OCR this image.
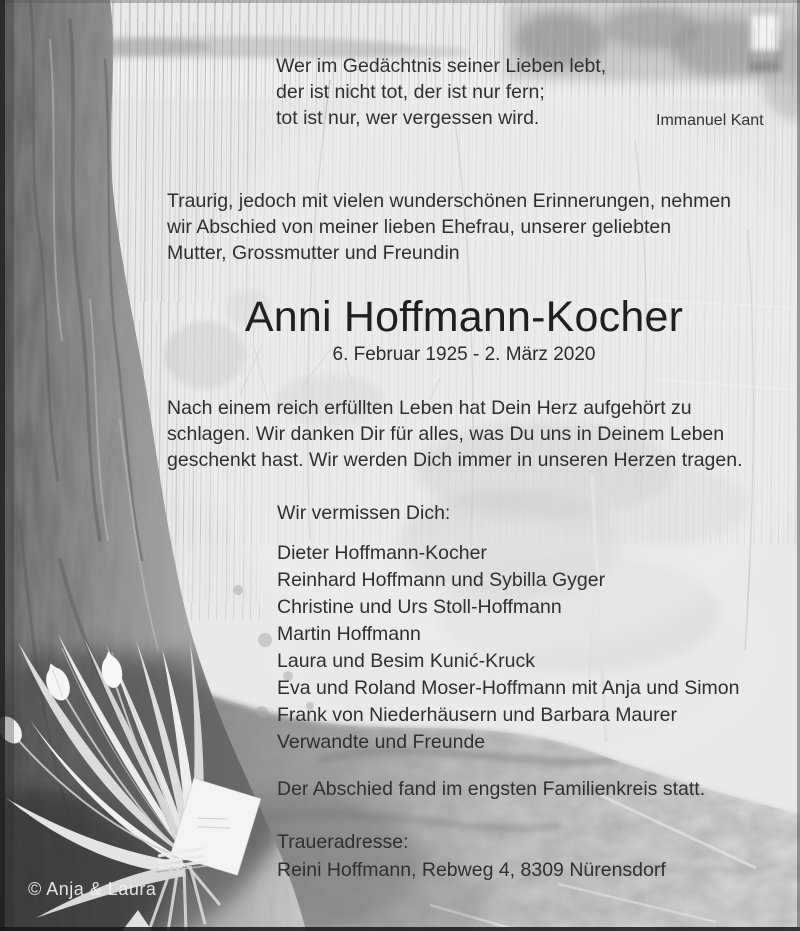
Wer im Gedächtnis seiner Lieben lebt,
der ist nicht tot, der ist nur fern;
tot ist nur, wer vergessen wird.	Immanuel Kant
Traurig, jedoch mit vielen wunderschönen Erinnerungen, nehmen
wir Abschied von meiner lieben Ehefrau, unserer geliebten
Mutter, Grossmutter und Freundin
Anni Hoffmann-Kocher
6. Februar 1925 - 2. März 2020
Nach einem reich erfüllten Leben hat Dein Herz aufgehört zu
schlagen. Wir danken Dir für alles, was Du uns in Deinem Leben
geschenkt hast. Wir werden Dich immer in unseren Herzen tragen.
Wir vermissen Dich:
Dieter Hoffmann-Kocher
Reinhard Hoffmann und Sybilla Gyger
Christine und Urs Stoll-Hoffmann
Martin Hoffmann
Laura und Besim Kunić-Kruck
Eva und Roland Moser-Hoffmann mit Anja und Simon
Frank von Niederhäusern und Barbara Maurer
Verwandte und Freunde
Der Abschied fand im engsten Familienkreis statt.
Traueradresse:
Reini Hoffmann, Rebweg 4, 8309 Nürensdorf
© Anja & Laura
